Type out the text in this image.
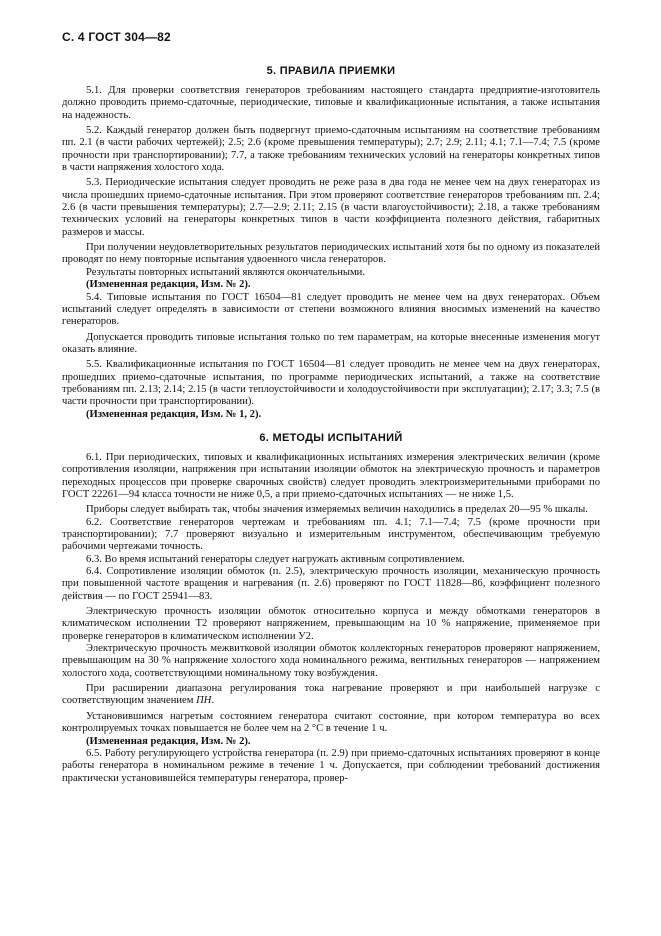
С. 4 ГОСТ 304—82
5. ПРАВИЛА ПРИЕМКИ

5.1. Для проверки соответствия генераторов требованиям настоящего стандарта предприятие-изготовитель должно проводить приемо-сдаточные, периодические, типовые и квалификационные испытания, а также испытания на надежность.

5.2. Каждый генератор должен быть подвергнут приемо-сдаточным испытаниям на соответствие требованиям пп. 2.1 (в части рабочих чертежей); 2.5; 2.6 (кроме превышения температуры); 2.7; 2.9; 2.11; 4.1; 7.1—7.4; 7.5 (кроме прочности при транспортировании); 7.7, а также требованиям технических условий на генераторы конкретных типов в части напряжения холостого хода.

5.3. Периодические испытания следует проводить не реже раза в два года не менее чем на двух генераторах из числа прошедших приемо-сдаточные испытания. При этом проверяют соответствие генераторов требованиям пп. 2.4; 2.6 (в части превышения температуры); 2.7—2.9; 2.11; 2.15 (в части влагоустойчивости); 2.18, а также требованиям технических условий на генераторы конкретных типов в части коэффициента полезного действия, габаритных размеров и массы.

При получении неудовлетворительных результатов периодических испытаний хотя бы по одному из показателей проводят по нему повторные испытания удвоенного числа генераторов.

Результаты повторных испытаний являются окончательными.

(Измененная редакция, Изм. № 2).

5.4. Типовые испытания по ГОСТ 16504—81 следует проводить не менее чем на двух генераторах. Объем испытаний следует определять в зависимости от степени возможного влияния вносимых изменений на качество генераторов.

Допускается проводить типовые испытания только по тем параметрам, на которые внесенные изменения могут оказать влияние.

5.5. Квалификационные испытания по ГОСТ 16504—81 следует проводить не менее чем на двух генераторах, прошедших приемо-сдаточные испытания, по программе периодических испытаний, а также на соответствие требованиям пп. 2.13; 2.14; 2.15 (в части теплоустойчивости и холодоустойчивости при эксплуатации); 2.17; 3.3; 7.5 (в части прочности при транспортировании).

(Измененная редакция, Изм. № 1, 2).

6. МЕТОДЫ ИСПЫТАНИЙ

6.1. При периодических, типовых и квалификационных испытаниях измерения электрических величин (кроме сопротивления изоляции, напряжения при испытании изоляции обмоток на электрическую прочность и параметров переходных процессов при проверке сварочных свойств) следует проводить электроизмерительными приборами по ГОСТ 22261—94 класса точности не ниже 0,5, а при приемо-сдаточных испытаниях — не ниже 1,5.

Приборы следует выбирать так, чтобы значения измеряемых величин находились в пределах 20—95 % шкалы.

6.2. Соответствие генераторов чертежам и требованиям пп. 4.1; 7.1—7.4; 7.5 (кроме прочности при транспортировании); 7.7 проверяют визуально и измерительным инструментом, обеспечивающим требуемую рабочими чертежами точность.

6.3. Во время испытаний генераторы следует нагружать активным сопротивлением.

6.4. Сопротивление изоляции обмоток (п. 2.5), электрическую прочность изоляции, механическую прочность при повышенной частоте вращения и нагревания (п. 2.6) проверяют по ГОСТ 11828—86, коэффициент полезного действия — по ГОСТ 25941—83.

Электрическую прочность изоляции обмоток относительно корпуса и между обмотками генераторов в климатическом исполнении Т2 проверяют напряжением, превышающим на 10 % напряжение, применяемое при проверке генераторов в климатическом исполнении У2.

Электрическую прочность межвитковой изоляции обмоток коллекторных генераторов проверяют напряжением, превышающим на 30 % напряжение холостого хода номинального режима, вентильных генераторов — напряжением холостого хода, соответствующими номинальному току возбуждения.

При расширении диапазона регулирования тока нагревание проверяют и при наибольшей нагрузке с соответствующим значением ПН.

Установившимся нагретым состоянием генератора считают состояние, при котором температура во всех контролируемых точках повышается не более чем на 2 °С в течение 1 ч.

(Измененная редакция, Изм. № 2).

6.5. Работу регулирующего устройства генератора (п. 2.9) при приемо-сдаточных испытаниях проверяют в конце работы генератора в номинальном режиме в течение 1 ч. Допускается, при соблюдении требований достижения практически установившейся температуры генератора, провер-
